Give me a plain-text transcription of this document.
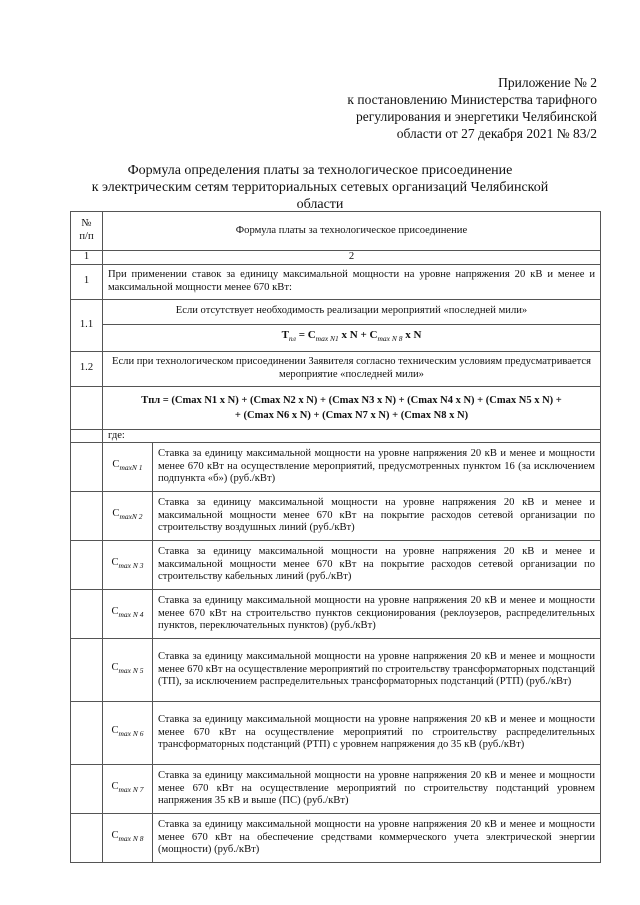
Приложение № 2
к постановлению Министерства тарифного
регулирования и энергетики Челябинской
области от 27 декабря 2021 № 83/2
Формула определения платы за технологическое присоединение
к электрическим сетям территориальных сетевых организаций Челябинской
области
№ п/п	Формула платы за технологическое присоединение	
1	2	
1	При применении ставок за единицу максимальной мощности на уровне напряжения 20 кВ и менее и максимальной мощности менее 670 кВт:	
1.1	Если отсутствует необходимость реализации мероприятий «последней мили»	
	$T_{пл} = C_{max N1}$ x $N + C_{max N 8}$ x N	
1.2	Если при технологическом присоединении Заявителя согласно техническим условиям предусматривается мероприятие «последней мили»	

	Tпл = (Cmax N1 x N) + (Cmax N2 x N) + (Cmax N3 x N) + (Cmax N4 x N) + (Cmax N5 x N) +
+ (Cmax N6 x N) + (Cmax N7 x N) + (Cmax N8 x N)	

	где:	
	$C_{maxN 1}$	Ставка за единицу максимальной мощности на уровне напряжения 20 кВ и менее и мощности менее 670 кВт на осуществление мероприятий, предусмотренных пунктом 16 (за исключением подпункта «б») (руб./кВт)
	$C_{maxN 2}$	Ставка за единицу максимальной мощности на уровне напряжения 20 кВ и менее и максимальной мощности менее 670 кВт на покрытие расходов сетевой организации по строительству воздушных линий (руб./кВт)
	$C_{max N 3}$	Ставка за единицу максимальной мощности на уровне напряжения 20 кВ и менее и максимальной мощности менее 670 кВт на покрытие расходов сетевой организации по строительству кабельных линий (руб./кВт)
	$C_{max N 4}$	Ставка за единицу максимальной мощности на уровне напряжения 20 кВ и менее и мощности менее 670 кВт на строительство пунктов секционирования (реклоузеров, распределительных пунктов, переключательных пунктов) (руб./кВт)
	$C_{max N 5}$	Ставка за единицу максимальной мощности на уровне напряжения 20 кВ и менее и мощности менее 670 кВт на осуществление мероприятий по строительству трансформаторных подстанций (ТП), за исключением распределительных трансформаторных подстанций (РТП) (руб./кВт)
	$C_{max N 6}$	Ставка за единицу максимальной мощности на уровне напряжения 20 кВ и менее и мощности менее 670 кВт на осуществление мероприятий по строительству распределительных трансформаторных подстанций (РТП) с уровнем напряжения до 35 кВ (руб./кВт)
	$C_{max N 7}$	Ставка за единицу максимальной мощности на уровне напряжения 20 кВ и менее и мощности менее 670 кВт на осуществление мероприятий по строительству подстанций уровнем напряжения 35 кВ и выше (ПС) (руб./кВт)
	$C_{max N 8}$	Ставка за единицу максимальной мощности на уровне напряжения 20 кВ и менее и мощности менее 670 кВт на обеспечение средствами коммерческого учета электрической энергии (мощности) (руб./кВт)
